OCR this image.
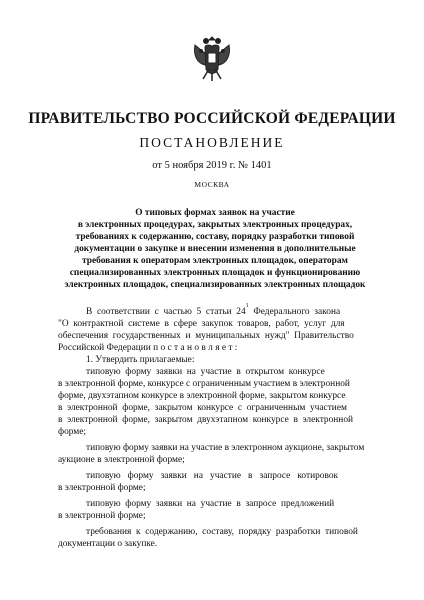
ПРАВИТЕЛЬСТВО РОССИЙСКОЙ ФЕДЕРАЦИИ
ПОСТАНОВЛЕНИЕ
от 5 ноября 2019 г. № 1401
МОСКВА
О типовых формах заявок на участие
в электронных процедурах, закрытых электронных процедурах,
требованиях к содержанию, составу, порядку разработки типовой
документации о закупке и внесении изменения в дополнительные
требования к операторам электронных площадок, операторам
специализированных электронных площадок и функционированию
электронных площадок, специализированных электронных площадок
В  соответствии  с  частью  5  статьи  24
1
Федерального  закона
"О  контрактной  системе  в  сфере  закупок  товаров,  работ,  услуг  для
обеспечения  государственных  и  муниципальных  нужд"  Правительство
Российской Федерации п о с т а н о в л я е т :
1. Утвердить прилагаемые:
типовую  форму  заявки  на  участие  в  открытом  конкурсе
в электронной форме, конкурсе с ограниченным участием в электронной
форме, двухэтапном конкурсе в электронной форме, закрытом конкурсе
в  электронной  форме,  закрытом  конкурсе  с  ограниченным  участием
в  электронной  форме,  закрытом  двухэтапном  конкурсе  в  электронной
форме;
типовую форму заявки на участие в электронном аукционе, закрытом
аукционе в электронной форме;
типовую   форму   заявки   на   участие   в   запросе   котировок
в электронной форме;
типовую  форму  заявки  на  участие  в  запросе  предложений
в электронной форме;
требования  к  содержанию,  составу,  порядку  разработки  типовой
документации о закупке.
